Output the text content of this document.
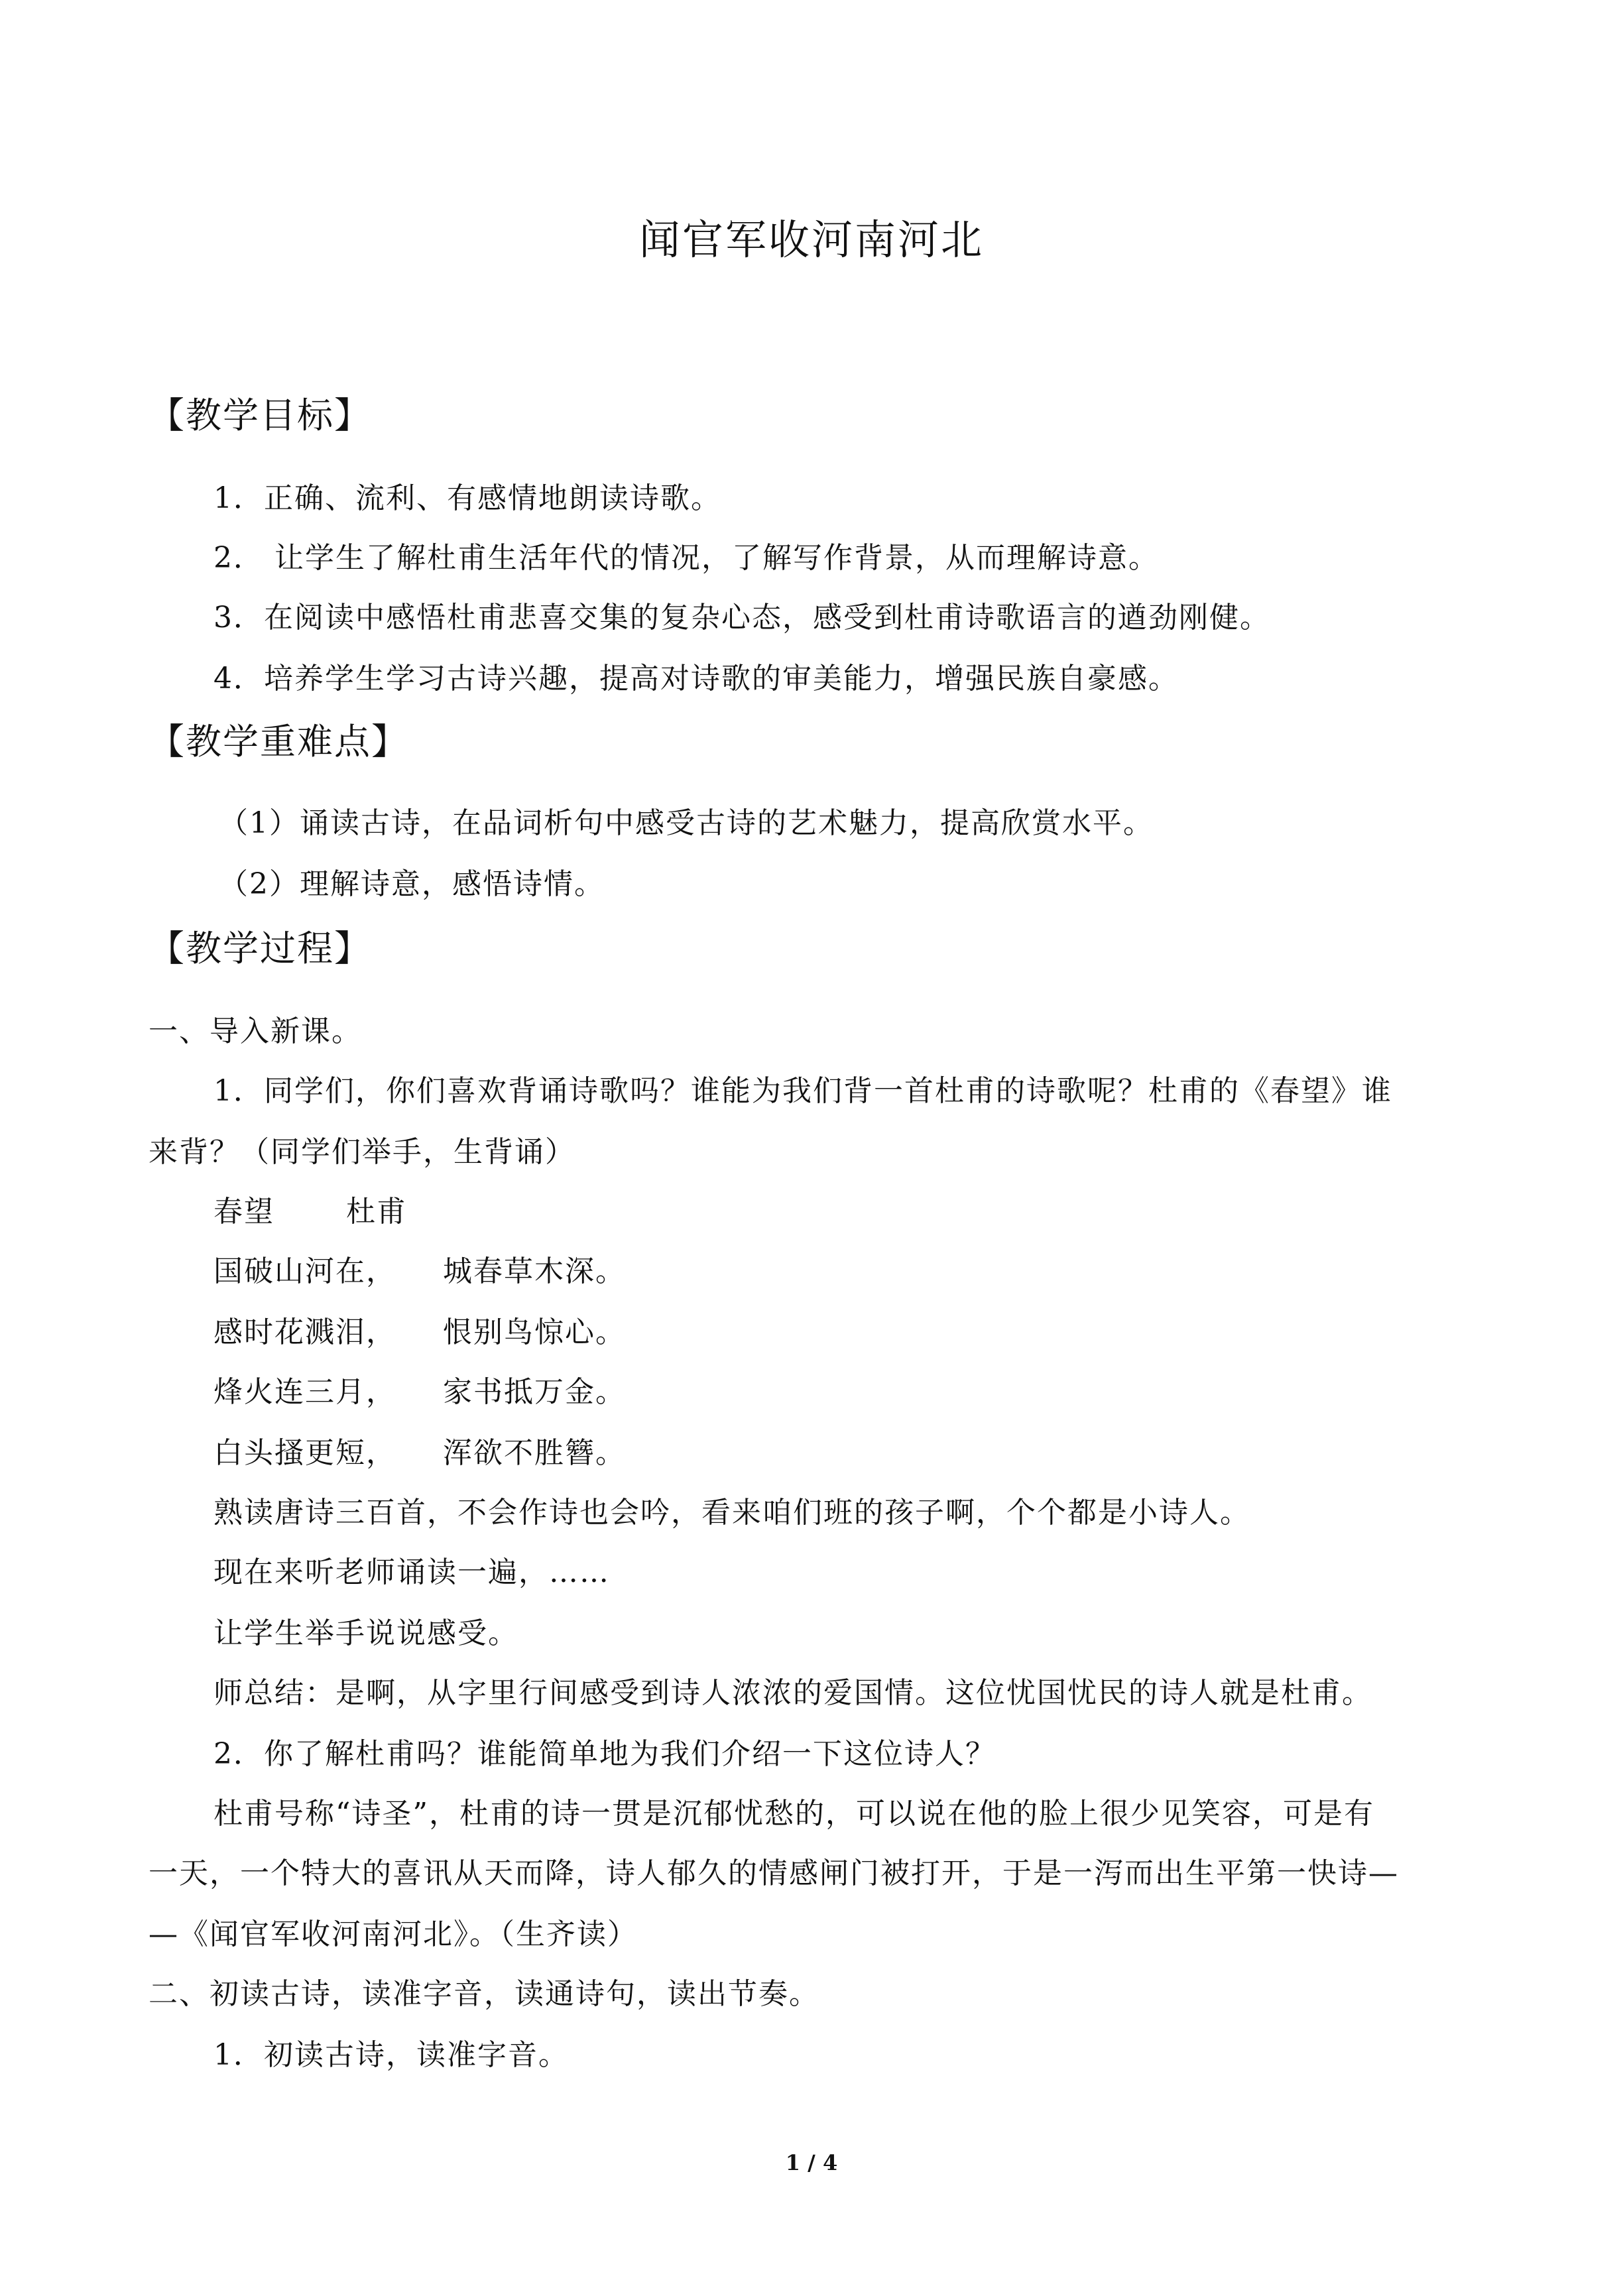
闻官军收河南河北
【教学目标】
1．正确、流利、有感情地朗读诗歌。
2． 让学生了解杜甫生活年代的情况，了解写作背景，从而理解诗意。
3．在阅读中感悟杜甫悲喜交集的复杂心态，感受到杜甫诗歌语言的遒劲刚健。
4．培养学生学习古诗兴趣，提高对诗歌的审美能力，增强民族自豪感。
【教学重难点】
（1）诵读古诗，在品词析句中感受古诗的艺术魅力，提高欣赏水平。
（2）理解诗意，感悟诗情。
【教学过程】
一、导入新课。
1．同学们，你们喜欢背诵诗歌吗？谁能为我们背一首杜甫的诗歌呢？杜甫的《春望》谁
来背？（同学们举手，生背诵）
春望 杜甫
国破山河在， 城春草木深。
感时花溅泪， 恨别鸟惊心。
烽火连三月， 家书抵万金。
白头搔更短， 浑欲不胜簪。
熟读唐诗三百首，不会作诗也会吟，看来咱们班的孩子啊，个个都是小诗人。
现在来听老师诵读一遍，……
让学生举手说说感受。
师总结：是啊，从字里行间感受到诗人浓浓的爱国情。这位忧国忧民的诗人就是杜甫。
2．你了解杜甫吗？谁能简单地为我们介绍一下这位诗人？
杜甫号称“诗圣”，杜甫的诗一贯是沉郁忧愁的，可以说在他的脸上很少见笑容，可是有
一天，一个特大的喜讯从天而降，诗人郁久的情感闸门被打开，于是一泻而出生平第一快诗—
—《闻官军收河南河北》。（生齐读）
二、初读古诗，读准字音，读通诗句，读出节奏。
1．初读古诗，读准字音。
1 / 4
